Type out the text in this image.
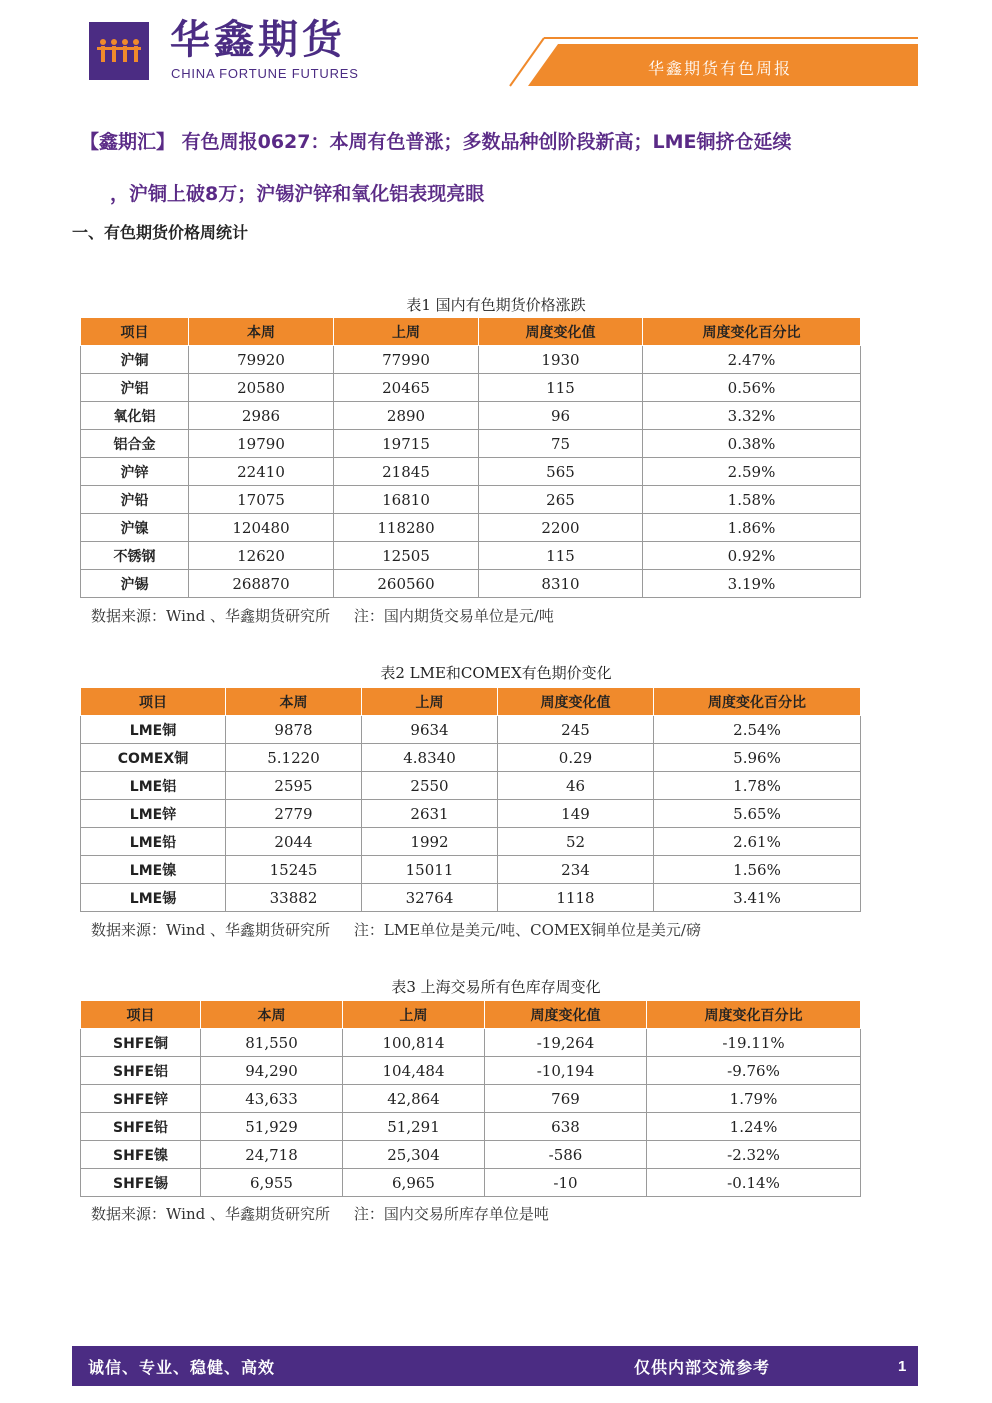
华鑫期货
CHINA FORTUNE FUTURES	华鑫期货有色周报
【鑫期汇】 有色周报0627：本周有色普涨；多数品种创阶段新高；LME铜挤仓延续
，沪铜上破8万；沪锡沪锌和氧化铝表现亮眼
一、有色期货价格周统计
表1 国内有色期货价格涨跌
项目	本周	上周	周度变化值	周度变化百分比
沪铜	79920	77990	1930	2.47%
沪铝	20580	20465	115	0.56%
氧化铝	2986	2890	96	3.32%
铝合金	19790	19715	75	0.38%
沪锌	22410	21845	565	2.59%
沪铅	17075	16810	265	1.58%
沪镍	120480	118280	2200	1.86%
不锈钢	12620	12505	115	0.92%
沪锡	268870	260560	8310	3.19%
数据来源：Wind 、华鑫期货研究所     注：国内期货交易单位是元/吨
表2 LME和COMEX有色期价变化
项目	本周	上周	周度变化值	周度变化百分比
LME铜	9878	9634	245	2.54%
COMEX铜	5.1220	4.8340	0.29	5.96%
LME铝	2595	2550	46	1.78%
LME锌	2779	2631	149	5.65%
LME铅	2044	1992	52	2.61%
LME镍	15245	15011	234	1.56%
LME锡	33882	32764	1118	3.41%
数据来源：Wind 、华鑫期货研究所     注：LME单位是美元/吨、COMEX铜单位是美元/磅
表3 上海交易所有色库存周变化
项目	本周	上周	周度变化值	周度变化百分比
SHFE铜	81,550	100,814	-19,264	-19.11%
SHFE铝	94,290	104,484	-10,194	-9.76%
SHFE锌	43,633	42,864	769	1.79%
SHFE铅	51,929	51,291	638	1.24%
SHFE镍	24,718	25,304	-586	-2.32%
SHFE锡	6,955	6,965	-10	-0.14%
数据来源：Wind 、华鑫期货研究所     注：国内交易所库存单位是吨
诚信、专业、稳健、高效	仅供内部交流参考	1
